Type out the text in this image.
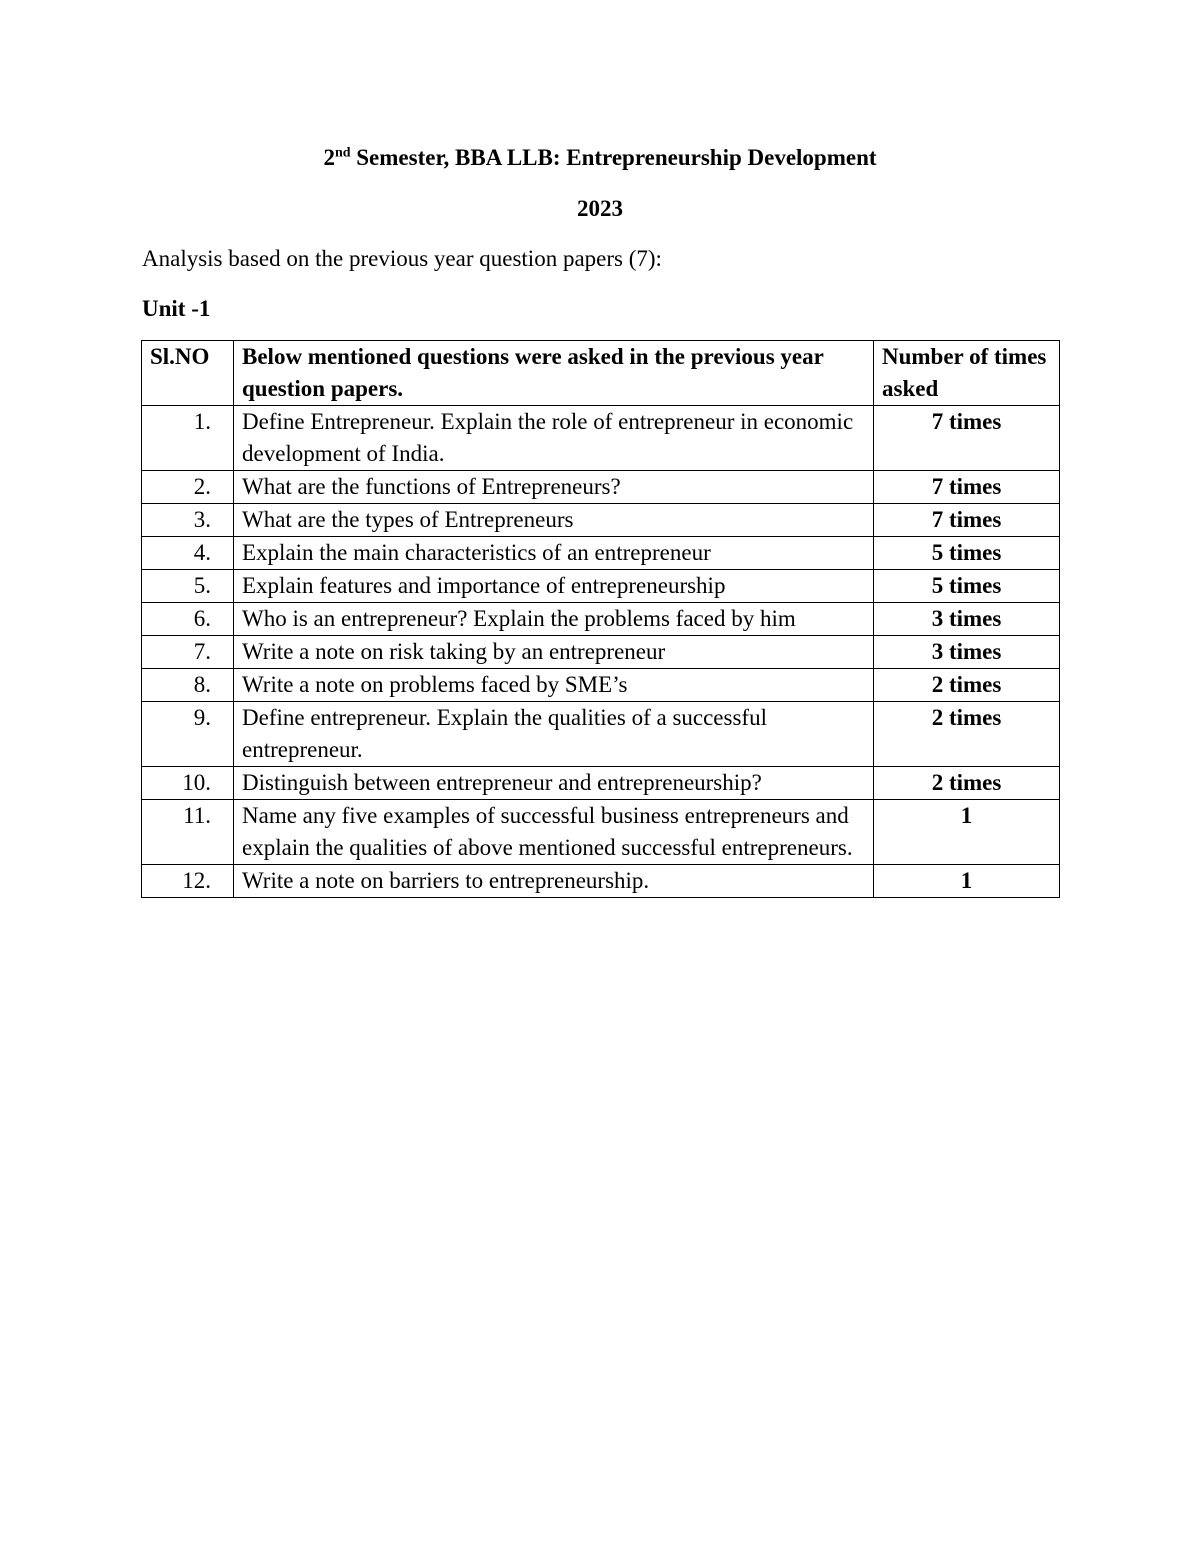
2nd Semester, BBA LLB: Entrepreneurship Development
2023
Analysis based on the previous year question papers (7):
Unit -1
Sl.NO	Below mentioned questions were asked in the previous year question papers.	Number of times asked
1.	Define Entrepreneur. Explain the role of entrepreneur in economic development of India.	7 times
2.	What are the functions of Entrepreneurs?	7 times
3.	What are the types of Entrepreneurs	7 times
4.	Explain the main characteristics of an entrepreneur	5 times
5.	Explain features and importance of entrepreneurship	5 times
6.	Who is an entrepreneur? Explain the problems faced by him	3 times
7.	Write a note on risk taking by an entrepreneur	3 times
8.	Write a note on problems faced by SME’s	2 times
9.	Define entrepreneur. Explain the qualities of a successful entrepreneur.	2 times
10.	Distinguish between entrepreneur and entrepreneurship?	2 times
11.	Name any five examples of successful business entrepreneurs and explain the qualities of above mentioned successful entrepreneurs.	1
12.	Write a note on barriers to entrepreneurship.	1
